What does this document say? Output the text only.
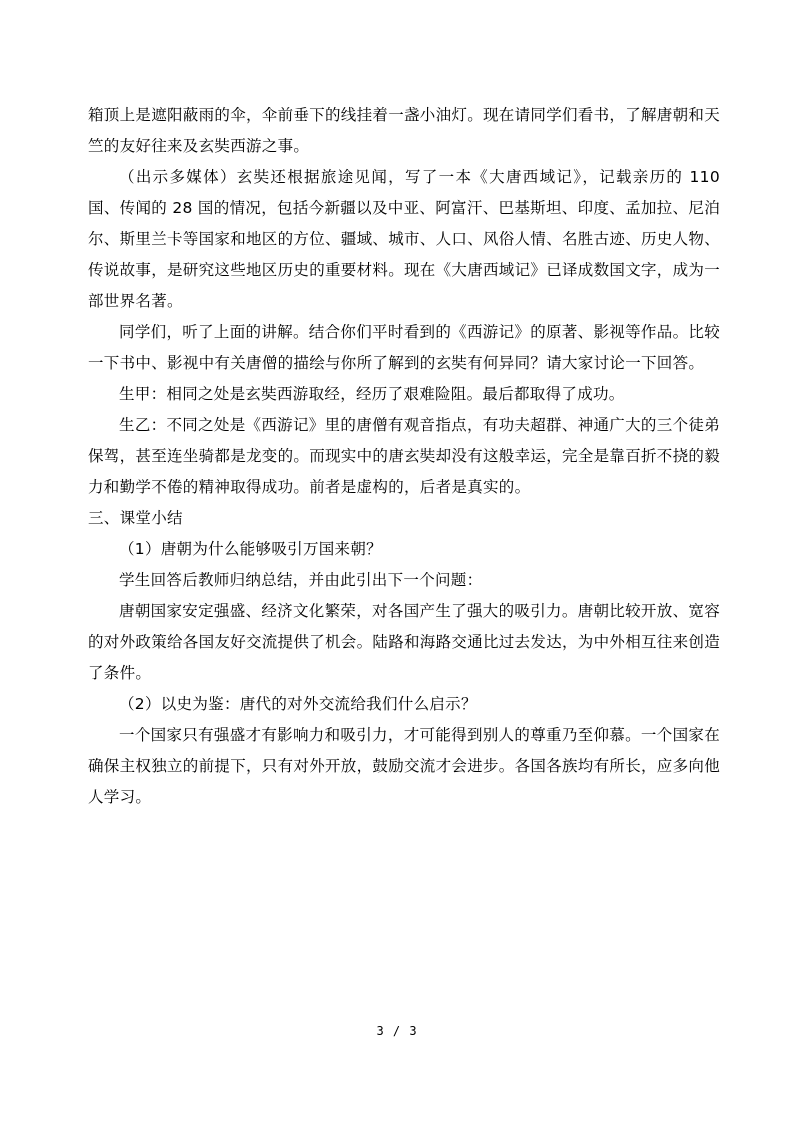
箱顶上是遮阳蔽雨的伞，伞前垂下的线挂着一盏小油灯。现在请同学们看书，了解唐朝和天竺的友好往来及玄奘西游之事。

（出示多媒体）玄奘还根据旅途见闻，写了一本《大唐西域记》，记载亲历的 110 国、传闻的 28 国的情况，包括今新疆以及中亚、阿富汗、巴基斯坦、印度、孟加拉、尼泊尔、斯里兰卡等国家和地区的方位、疆域、城市、人口、风俗人情、名胜古迹、历史人物、传说故事，是研究这些地区历史的重要材料。现在《大唐西域记》已译成数国文字，成为一部世界名著。

同学们，听了上面的讲解。结合你们平时看到的《西游记》的原著、影视等作品。比较一下书中、影视中有关唐僧的描绘与你所了解到的玄奘有何异同？请大家讨论一下回答。

生甲：相同之处是玄奘西游取经，经历了艰难险阻。最后都取得了成功。

生乙：不同之处是《西游记》里的唐僧有观音指点，有功夫超群、神通广大的三个徒弟保驾，甚至连坐骑都是龙变的。而现实中的唐玄奘却没有这般幸运，完全是靠百折不挠的毅力和勤学不倦的精神取得成功。前者是虚构的，后者是真实的。

三、课堂小结

（1）唐朝为什么能够吸引万国来朝？

学生回答后教师归纳总结，并由此引出下一个问题：

唐朝国家安定强盛、经济文化繁荣，对各国产生了强大的吸引力。唐朝比较开放、宽容的对外政策给各国友好交流提供了机会。陆路和海路交通比过去发达，为中外相互往来创造了条件。

（2）以史为鉴：唐代的对外交流给我们什么启示？

一个国家只有强盛才有影响力和吸引力，才可能得到别人的尊重乃至仰慕。一个国家在确保主权独立的前提下，只有对外开放，鼓励交流才会进步。各国各族均有所长，应多向他人学习。

3 / 3
